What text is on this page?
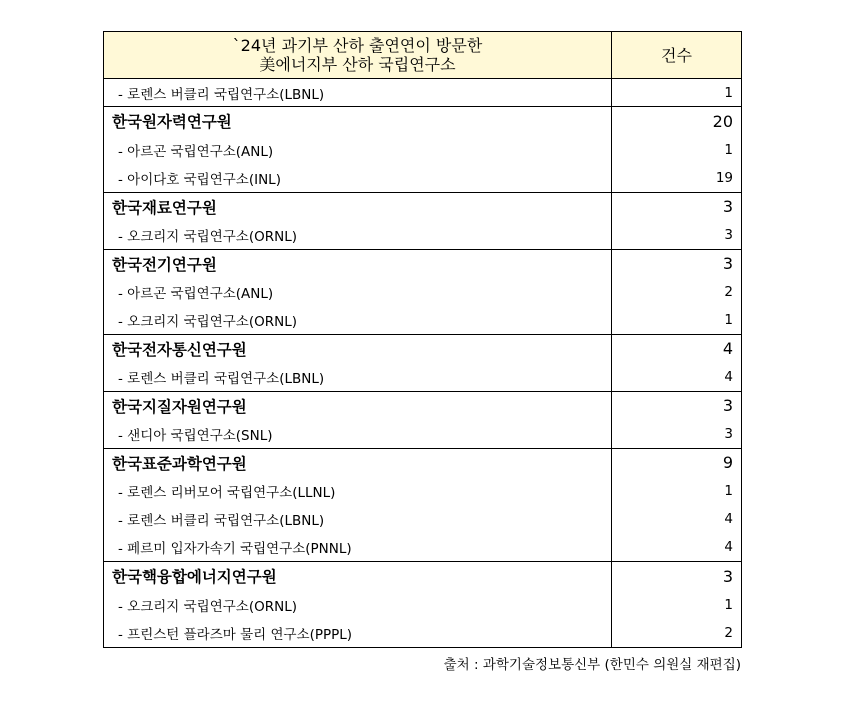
`24년 과기부 산하 출연연이 방문한
美에너지부 산하 국립연구소	건수
- 로렌스 버클리 국립연구소(LBNL)	1
한국원자력연구원	20
- 아르곤 국립연구소(ANL)	1
- 아이다호 국립연구소(INL)	19
한국재료연구원	3
- 오크리지 국립연구소(ORNL)	3
한국전기연구원	3
- 아르곤 국립연구소(ANL)	2
- 오크리지 국립연구소(ORNL)	1
한국전자통신연구원	4
- 로렌스 버클리 국립연구소(LBNL)	4
한국지질자원연구원	3
- 샌디아 국립연구소(SNL)	3
한국표준과학연구원	9
- 로렌스 리버모어 국립연구소(LLNL)	1
- 로렌스 버클리 국립연구소(LBNL)	4
- 페르미 입자가속기 국립연구소(PNNL)	4
한국핵융합에너지연구원	3
- 오크리지 국립연구소(ORNL)	1
- 프린스턴 플라즈마 물리 연구소(PPPL)	2
출처 : 과학기술정보통신부 (한민수 의원실 재편집)
